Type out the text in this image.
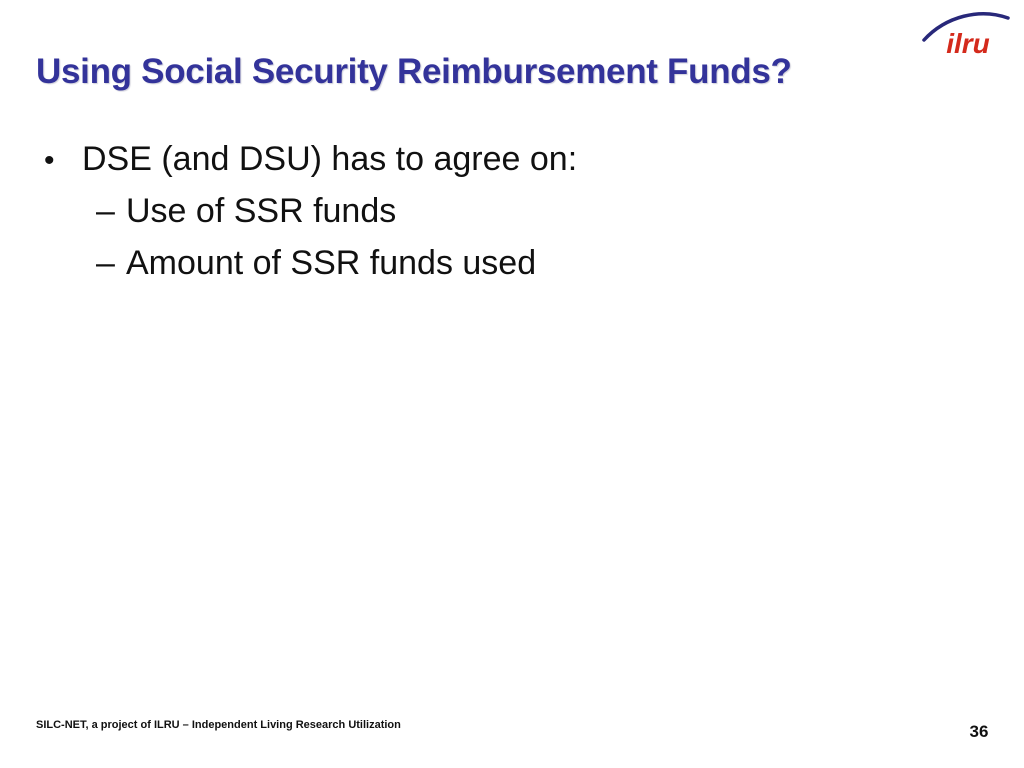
ilru
Using Social Security Reimbursement Funds?
• DSE (and DSU) has to agree on:
– Use of SSR funds
– Amount of SSR funds used
SILC-NET, a project of ILRU – Independent Living Research Utilization	36
